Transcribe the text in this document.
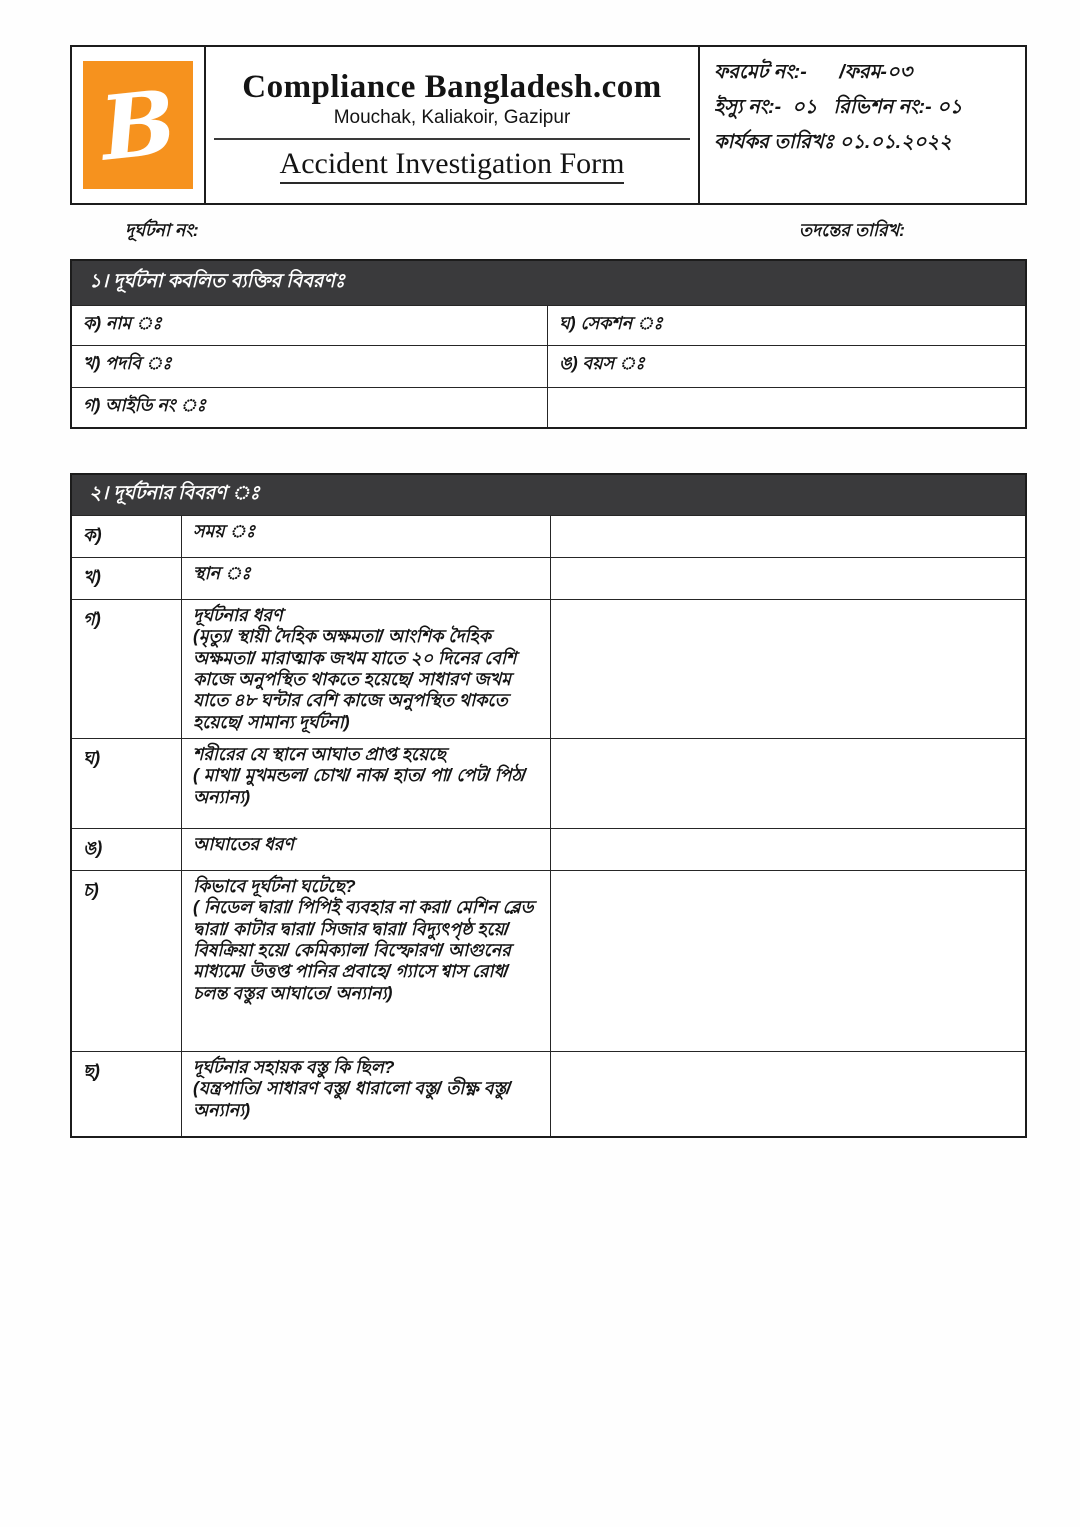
B Compliance Bangladesh.com
Mouchak, Kaliakoir, Gazipur
Accident Investigation Form
ফরমেট নং:-      /ফরম-০৩
ইস্যু নং:-  ০১   রিভিশন নং:- ০১
কার্যকর তারিখঃ ০১.০১.২০২২
দূর্ঘটনা নং:	তদন্তের তারিখ:
১। দূর্ঘটনা কবলিত ব্যক্তির বিবরণঃ
ক) নাম ঃ	ঘ) সেকশন ঃ
খ) পদবি ঃ	ঙ) বয়স ঃ
গ) আইডি নং ঃ
২। দূর্ঘটনার বিবরণ ঃ
ক)	সময় ঃ
খ)	স্থান ঃ
গ)	দূর্ঘটনার ধরণ
(মৃত্যু/ স্থায়ী দৈহিক অক্ষমতা/ আংশিক দৈহিক অক্ষমতা/ মারাত্মাক জখম যাতে ২০ দিনের বেশি কাজে অনুপস্থিত থাকতে হয়েছে/ সাধারণ জখম যাতে ৪৮ ঘন্টার বেশি কাজে অনুপস্থিত থাকতে হয়েছে/ সামান্য দূর্ঘটনা)
ঘ)	শরীরের যে স্থানে আঘাত প্রাপ্ত হয়েছে
( মাথা/ মুখমন্ডল/ চোখ/ নাক/ হাত/ পা/ পেট/ পিঠ/ অন্যান্য)
ঙ)	আঘাতের ধরণ
চ)	কিভাবে দূর্ঘটনা ঘটেছে?
( নিডেল দ্বারা/ পিপিই ব্যবহার না করা/ মেশিন ব্লেড দ্বারা/ কাটার দ্বারা/ সিজার দ্বারা/ বিদ্যুৎপৃষ্ঠ হয়ে/ বিষক্রিয়া হয়ে/ কেমিক্যাল/ বিস্ফোরণ/ আগুনের মাধ্যমে/ উত্তপ্ত পানির প্রবাহে/ গ্যাসে শ্বাস রোধ/ চলন্ত বস্তুর আঘাতে/ অন্যান্য)
ছ)	দূর্ঘটনার সহায়ক বস্তু কি ছিল?
(যন্ত্রপাতি/ সাধারণ বস্তু/ ধারালো বস্তু/ তীক্ষ্ণ বস্তু/ অন্যান্য)
